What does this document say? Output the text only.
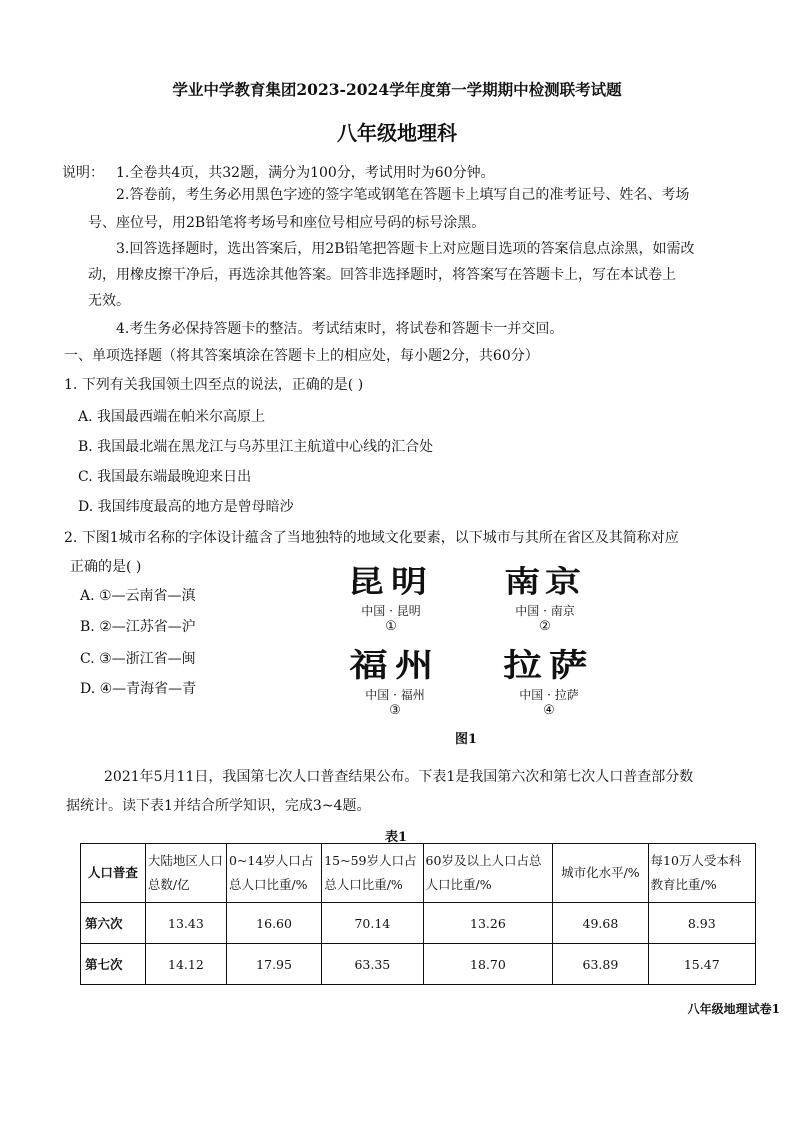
学业中学教育集团2023-2024学年度第一学期期中检测联考试题
八年级地理科
说明： 1.全卷共4页，共32题，满分为100分，考试用时为60分钟。
2.答卷前，考生务必用黑色字迹的签字笔或钢笔在答题卡上填写自己的准考证号、姓名、考场
号、座位号，用2B铅笔将考场号和座位号相应号码的标号涂黑。
3.回答选择题时，选出答案后，用2B铅笔把答题卡上对应题目选项的答案信息点涂黑，如需改
动，用橡皮擦干净后，再选涂其他答案。回答非选择题时，将答案写在答题卡上，写在本试卷上
无效。
4.考生务必保持答题卡的整洁。考试结束时，将试卷和答题卡一并交回。
一、单项选择题（将其答案填涂在答题卡上的相应处，每小题2分，共60分）
1. 下列有关我国领土四至点的说法，正确的是( )
A. 我国最西端在帕米尔高原上
B. 我国最北端在黑龙江与乌苏里江主航道中心线的汇合处
C. 我国最东端最晚迎来日出
D. 我国纬度最高的地方是曾母暗沙
2. 下图1城市名称的字体设计蕴含了当地独特的地域文化要素，以下城市与其所在省区及其简称对应
正确的是( )
A. ①—云南省—滇
B. ②—江苏省—沪
C. ③—浙江省—闽
D. ④—青海省—青
昆明
中国 · 昆明
①
南京
中国 · 南京
②
福州
中国 · 福州
③
拉萨
中国 · 拉萨
④
图1
2021年5月11日，我国第七次人口普查结果公布。下表1是我国第六次和第七次人口普查部分数
据统计。读下表1并结合所学知识，完成3~4题。
表1
人口普查	大陆地区人口总数/亿	0~14岁人口占总人口比重/%	15~59岁人口占总人口比重/%	60岁及以上人口占总人口比重/%	城市化水平/%	每10万人受本科教育比重/%
第六次	13.43	16.60	70.14	13.26	49.68	8.93
第七次	14.12	17.95	63.35	18.70	63.89	15.47
八年级地理试卷1
